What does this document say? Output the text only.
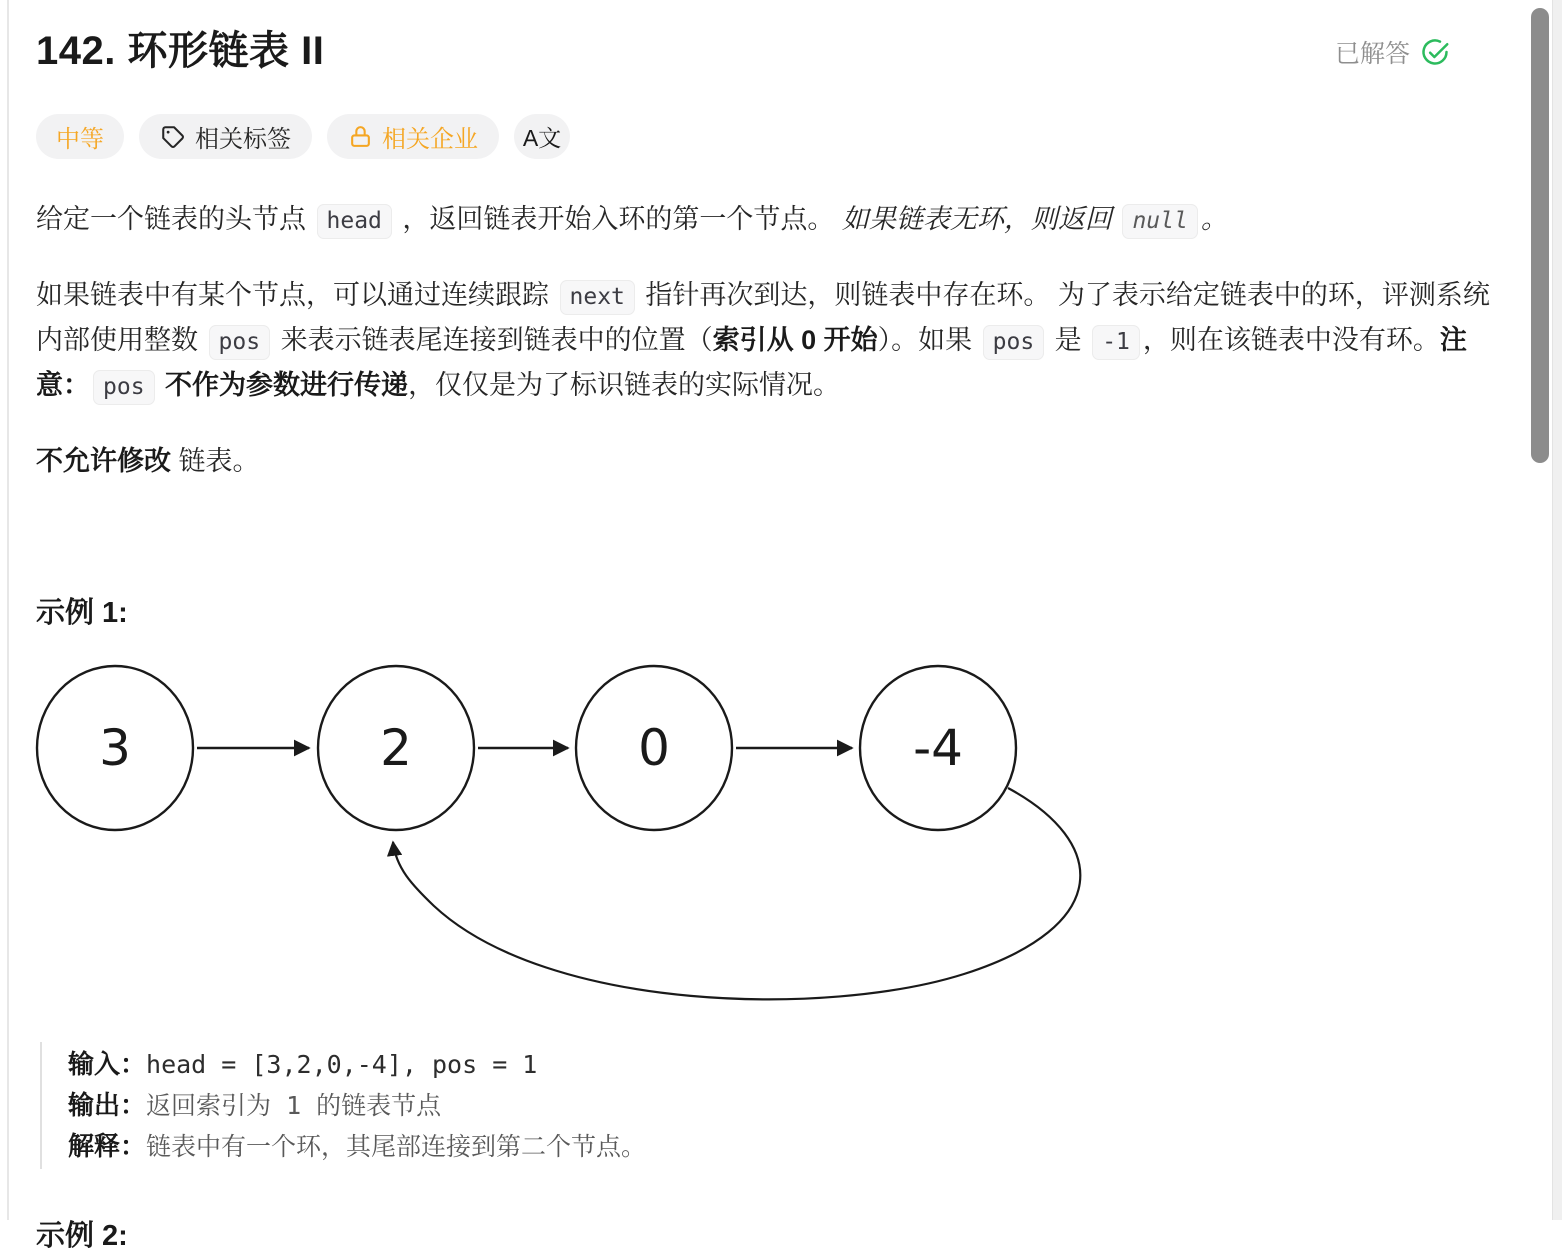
142. 环形链表 II	已解答
中等	相关标签	相关企业 A文

给定一个链表的头节点 head ，返回链表开始入环的第一个节点。 如果链表无环，则返回 null 。

如果链表中有某个节点，可以通过连续跟踪 next 指针再次到达，则链表中存在环。 为了表示给定链表中的环，评测系统内部使用整数 pos 来表示链表尾连接到链表中的位置（索引从 0 开始）。如果 pos 是 -1 ，则在该链表中没有环。注意： pos 不作为参数进行传递，仅仅是为了标识链表的实际情况。

不允许修改 链表。

示例 1:

3	2	0	-4
输入：head = [3,2,0,-4], pos = 1
输出：返回索引为 1 的链表节点
解释：链表中有一个环，其尾部连接到第二个节点。

示例 2:
